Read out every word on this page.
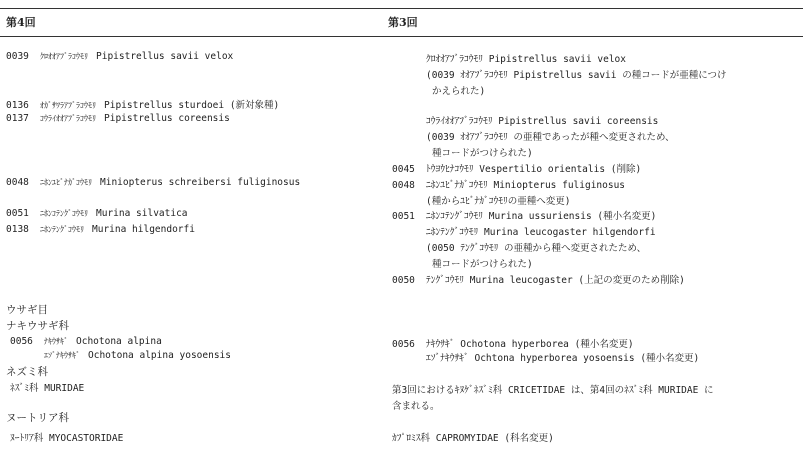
第4回	第3回
0039 ｸﾛｵｵｱﾌﾞﾗｺｳﾓﾘ Pipistrellus savii velox
0136 ｵｶﾞｻﾜﾗｱﾌﾞﾗｺｳﾓﾘ Pipistrellus sturdoei (新対象種)
0137 ｺｳﾗｲｵｵｱﾌﾞﾗｺｳﾓﾘ Pipistrellus coreensis
0048 ﾆﾎﾝﾕﾋﾞﾅｶﾞｺｳﾓﾘ Miniopterus schreibersi fuliginosus
0051 ﾆﾎﾝｺﾃﾝｸﾞｺｳﾓﾘ Murina silvatica
0138 ﾆﾎﾝﾃﾝｸﾞｺｳﾓﾘ Murina hilgendorfi
ウサギ目
ナキウサギ科
0056 ﾅｷｳｻｷﾞ Ochotona alpina
ｴｿﾞﾅｷｳｻｷﾞ Ochotona alpina yosoensis
ネズミ科
ﾈｽﾞﾐ科 MURIDAE
ヌートリア科
ﾇｰﾄﾘｱ科 MYOCASTORIDAE
ｸﾛｵｵｱﾌﾞﾗｺｳﾓﾘ Pipistrellus savii velox
(0039 ｵｵｱﾌﾞﾗｺｳﾓﾘ Pipistrellus savii の種コードが亜種につけ
かえられた)
ｺｳﾗｲｵｵｱﾌﾞﾗｺｳﾓﾘ Pipistrellus savii coreensis
(0039 ｵｵｱﾌﾞﾗｺｳﾓﾘ の亜種であったが種へ変更されため、
種コードがつけられた)
0045 ﾄｳﾖｳﾋﾅｺｳﾓﾘ Vespertilio orientalis (削除)
0048 ﾆﾎﾝﾕﾋﾞﾅｶﾞｺｳﾓﾘ Miniopterus fuliginosus
(種からﾕﾋﾞﾅｶﾞｺｳﾓﾘの亜種へ変更)
0051 ﾆﾎﾝｺﾃﾝｸﾞｺｳﾓﾘ Murina ussuriensis (種小名変更)
ﾆﾎﾝﾃﾝｸﾞｺｳﾓﾘ Murina leucogaster hilgendorfi
(0050 ﾃﾝｸﾞｺｳﾓﾘ の亜種から種へ変更されたため、
種コードがつけられた)
0050 ﾃﾝｸﾞｺｳﾓﾘ Murina leucogaster (上記の変更のため削除)
0056 ﾅｷｳｻｷﾞ Ochotona hyperborea (種小名変更)
ｴｿﾞﾅｷｳｻｷﾞ Ochtona hyperborea yosoensis (種小名変更)
第3回におけるｷﾇｹﾞﾈｽﾞﾐ科 CRICETIDAE は、第4回のﾈｽﾞﾐ科 MURIDAE に
含まれる。
ｶﾌﾟﾛﾐｽ科 CAPROMYIDAE (科名変更)
